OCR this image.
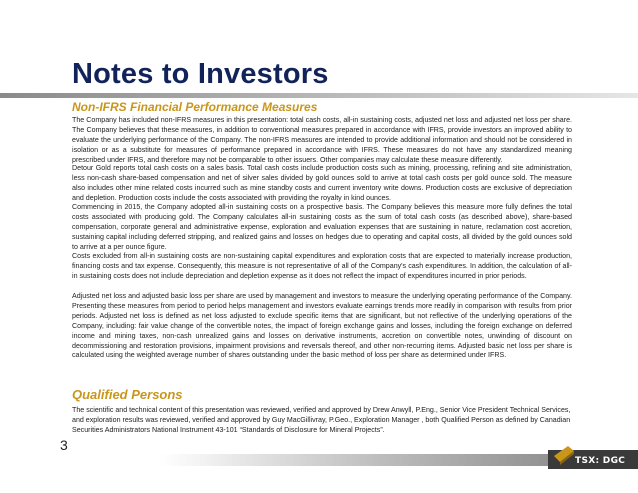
Notes to Investors
Non-IFRS Financial Performance Measures
The Company has included non-IFRS measures in this presentation: total cash costs, all-in sustaining costs, adjusted net loss and adjusted net loss per share. The Company believes that these measures, in addition to conventional measures prepared in accordance with IFRS, provide investors an improved ability to evaluate the underlying performance of the Company. The non-IFRS measures are intended to provide additional information and should not be considered in isolation or as a substitute for measures of performance prepared in accordance with IFRS. These measures do not have any standardized meaning prescribed under IFRS, and therefore may not be comparable to other issuers. Other companies may calculate these measure differently.
Detour Gold reports total cash costs on a sales basis. Total cash costs include production costs such as mining, processing, refining and site administration, less non-cash share-based compensation and net of silver sales divided by gold ounces sold to arrive at total cash costs per gold ounce sold. The measure also includes other mine related costs incurred such as mine standby costs and current inventory write downs. Production costs are exclusive of depreciation and depletion. Production costs include the costs associated with providing the royalty in kind ounces.
Commencing in 2015, the Company adopted all-in sustaining costs on a prospective basis. The Company believes this measure more fully defines the total costs associated with producing gold. The Company calculates all-in sustaining costs as the sum of total cash costs (as described above), share-based compensation, corporate general and administrative expense, exploration and evaluation expenses that are sustaining in nature, reclamation cost accretion, sustaining capital including deferred stripping, and realized gains and losses on hedges due to operating and capital costs, all divided by the gold ounces sold to arrive at a per ounce figure.
Costs excluded from all-in sustaining costs are non-sustaining capital expenditures and exploration costs that are expected to materially increase production, financing costs and tax expense. Consequently, this measure is not representative of all of the Company's cash expenditures. In addition, the calculation of all-in sustaining costs does not include depreciation and depletion expense as it does not reflect the impact of expenditures incurred in prior periods.
Adjusted net loss and adjusted basic loss per share are used by management and investors to measure the underlying operating performance of the Company. Presenting these measures from period to period helps management and investors evaluate earnings trends more readily in comparison with results from prior periods. Adjusted net loss is defined as net loss adjusted to exclude specific items that are significant, but not reflective of the underlying operations of the Company, including: fair value change of the convertible notes, the impact of foreign exchange gains and losses, including the foreign exchange on deferred income and mining taxes, non-cash unrealized gains and losses on derivative instruments, accretion on convertible notes, unwinding of discount on decommissioning and restoration provisions, impairment provisions and reversals thereof, and other non-recurring items. Adjusted basic net loss per share is calculated using the weighted average number of shares outstanding under the basic method of loss per share as determined under IFRS.
Qualified Persons
The scientific and technical content of this presentation was reviewed, verified and approved by Drew Anwyll, P.Eng., Senior Vice President Technical Services, and exploration results was reviewed, verified and approved by Guy MacGillivray, P.Geo., Exploration Manager , both Qualified Person as defined by Canadian Securities Administrators National Instrument 43-101 “Standards of Disclosure for Mineral Projects”.
3
TSX: DGC
